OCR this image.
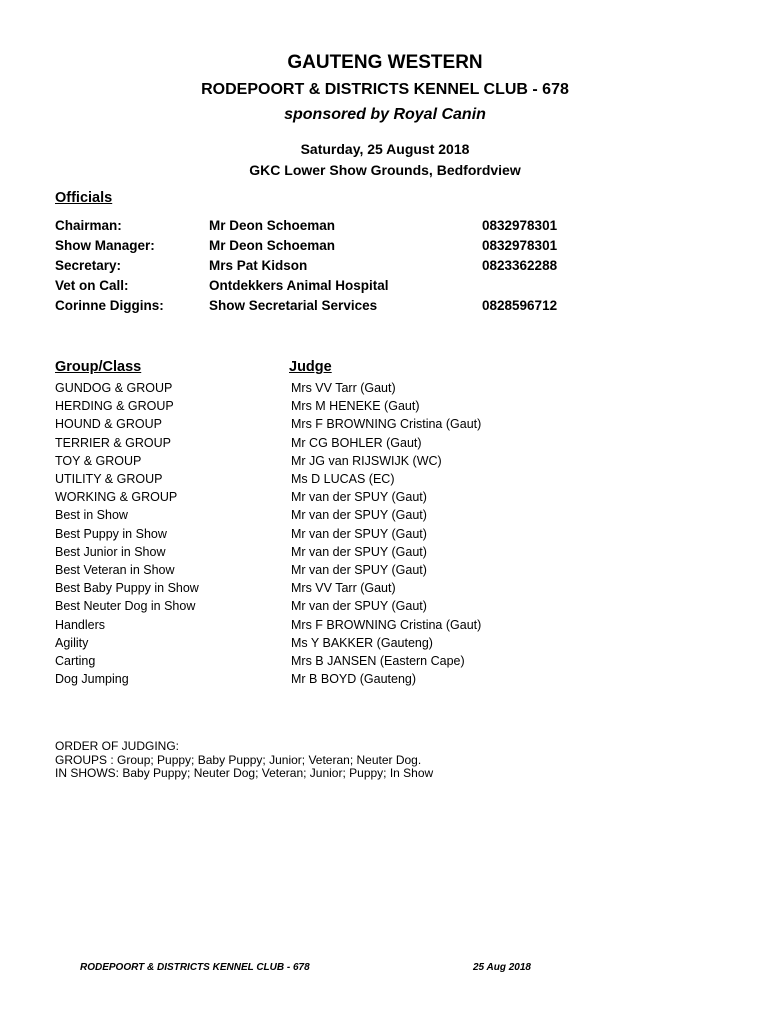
GAUTENG WESTERN
RODEPOORT & DISTRICTS KENNEL CLUB - 678
sponsored by Royal Canin
Saturday, 25 August 2018
GKC Lower Show Grounds, Bedfordview
Officials
Chairman:	Mr Deon Schoeman	0832978301
Show Manager:	Mr Deon Schoeman	0832978301
Secretary:	Mrs Pat Kidson	0823362288
Vet on Call:	Ontdekkers Animal Hospital
Corinne Diggins:	Show Secretarial Services	0828596712
Group/Class	Judge
GUNDOG & GROUP	Mrs VV Tarr (Gaut)
HERDING & GROUP	Mrs M HENEKE (Gaut)
HOUND & GROUP	Mrs F BROWNING Cristina (Gaut)
TERRIER & GROUP	Mr CG BOHLER (Gaut)
TOY & GROUP	Mr JG van RIJSWIJK (WC)
UTILITY & GROUP	Ms D LUCAS (EC)
WORKING & GROUP	Mr van der SPUY (Gaut)
Best in Show	Mr van der SPUY (Gaut)
Best Puppy in Show	Mr van der SPUY (Gaut)
Best Junior in Show	Mr van der SPUY (Gaut)
Best Veteran in Show	Mr van der SPUY (Gaut)
Best Baby Puppy in Show	Mrs VV Tarr (Gaut)
Best Neuter Dog in Show	Mr van der SPUY (Gaut)
Handlers	Mrs F BROWNING Cristina (Gaut)
Agility	Ms Y BAKKER (Gauteng)
Carting	Mrs B JANSEN (Eastern Cape)
Dog Jumping	Mr B BOYD (Gauteng)
ORDER OF JUDGING:
GROUPS : Group; Puppy; Baby Puppy; Junior; Veteran; Neuter Dog.
IN SHOWS: Baby Puppy; Neuter Dog; Veteran; Junior; Puppy; In Show
RODEPOORT & DISTRICTS KENNEL CLUB - 678	25 Aug 2018
